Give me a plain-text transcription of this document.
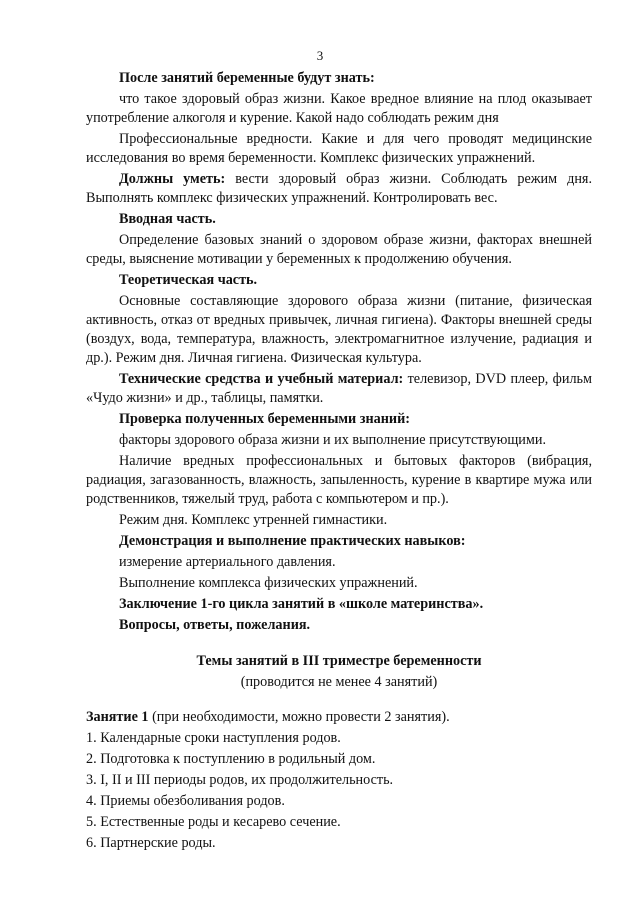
3

После занятий беременные будут знать:

что такое здоровый образ жизни. Какое вредное влияние на плод оказывает употребление алкоголя и курение. Какой надо соблюдать режим дня

Профессиональные вредности. Какие и для чего проводят медицинские исследования во время беременности. Комплекс физических упражнений.

Должны уметь: вести здоровый образ жизни. Соблюдать режим дня. Выполнять комплекс физических упражнений. Контролировать вес.

Вводная часть.

Определение базовых знаний о здоровом образе жизни, факторах внешней среды, выяснение мотивации у беременных к продолжению обучения.

Теоретическая часть.

Основные составляющие здорового образа жизни (питание, физическая активность, отказ от вредных привычек, личная гигиена). Факторы внешней среды (воздух, вода, температура, влажность, электромагнитное излучение, радиация и др.). Режим дня. Личная гигиена. Физическая культура.

Технические средства и учебный материал: телевизор, DVD плеер, фильм «Чудо жизни» и др., таблицы, памятки.

Проверка полученных беременными знаний:

факторы здорового образа жизни и их выполнение присутствующими.

Наличие вредных профессиональных и бытовых факторов (вибрация, радиация, загазованность, влажность, запыленность, курение в квартире мужа или родственников, тяжелый труд, работа с компьютером и пр.).

Режим дня. Комплекс утренней гимнастики.

Демонстрация и выполнение практических навыков:

измерение артериального давления.

Выполнение комплекса физических упражнений.

Заключение 1-го цикла занятий в «школе материнства».

Вопросы, ответы, пожелания.

Темы занятий в III триместре беременности

(проводится не менее 4 занятий)

Занятие 1 (при необходимости, можно провести 2 занятия).

1. Календарные сроки наступления родов.
2. Подготовка к поступлению в родильный дом.
3. I, II и III периоды родов, их продолжительность.
4. Приемы обезболивания родов.
5. Естественные роды и кесарево сечение.
6. Партнерские роды.
